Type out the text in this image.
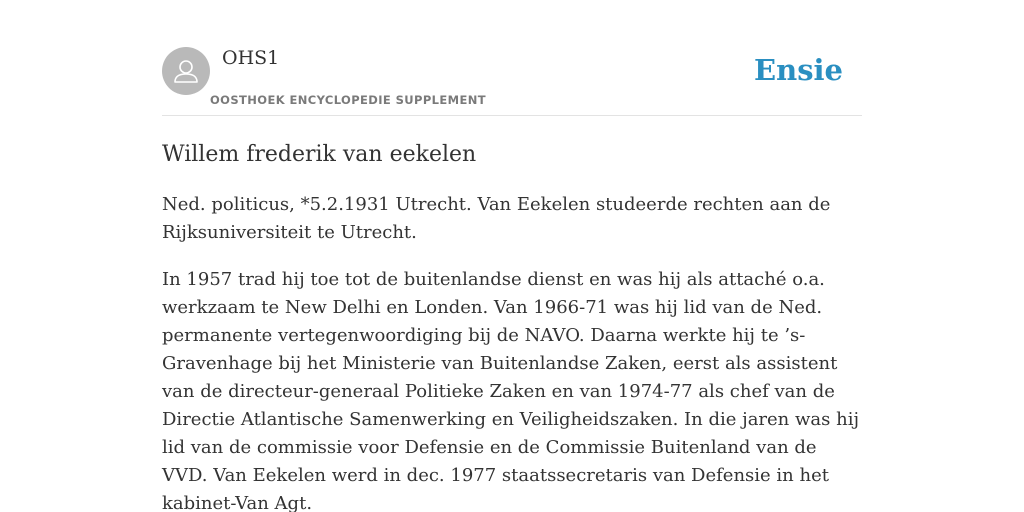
OHS1
OOSTHOEK ENCYCLOPEDIE SUPPLEMENT
Ensie
Willem frederik van eekelen

Ned. politicus, *5.2.1931 Utrecht. Van Eekelen studeerde rechten aan de Rijksuniversiteit te Utrecht.

In 1957 trad hij toe tot de buitenlandse dienst en was hij als attaché o.a. werkzaam te New Delhi en Londen. Van 1966-71 was hij lid van de Ned. permanente vertegenwoordiging bij de NAVO. Daarna werkte hij te ’s-Gravenhage bij het Ministerie van Buitenlandse Zaken, eerst als assistent van de directeur-generaal Politieke Zaken en van 1974-77 als chef van de Directie Atlantische Samenwerking en Veiligheidszaken. In die jaren was hij lid van de commissie voor Defensie en de Commissie Buitenland van de VVD. Van Eekelen werd in dec. 1977 staatssecretaris van Defensie in het kabinet-Van Agt.
